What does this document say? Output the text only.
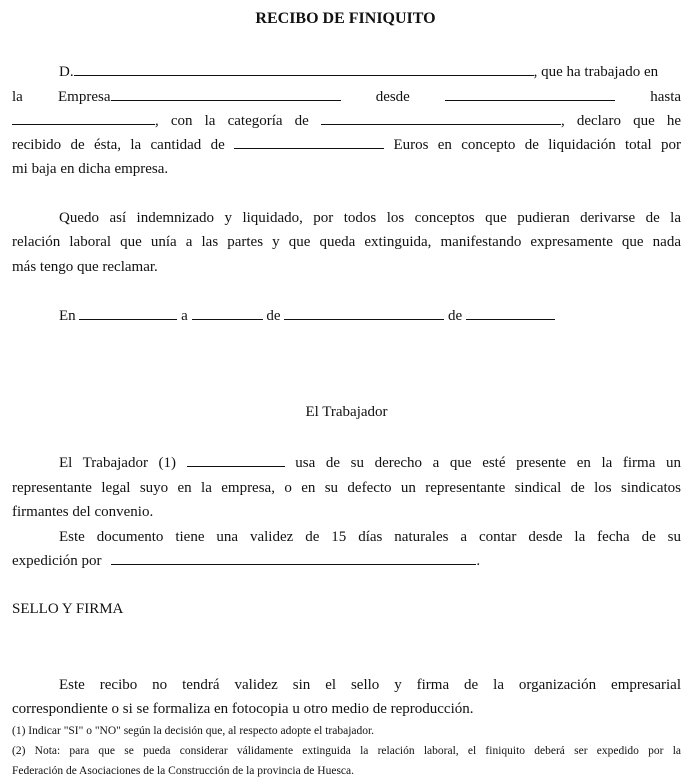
RECIBO DE FINIQUITO
D.	, que ha trabajado en
la Empresa	desde	hasta
, con la categoría de	, declaro que he
recibido de ésta, la cantidad de	Euros en concepto de liquidación total por
mi baja en dicha empresa.
Quedo así indemnizado y liquidado, por todos los conceptos que pudieran derivarse de la
relación laboral que unía a las partes y que queda extinguida, manifestando expresamente que nada
más tengo que reclamar.
En	a	de	de
El Trabajador
El Trabajador (1)	usa de su derecho a que esté presente en la firma un
representante legal suyo en la empresa, o en su defecto un representante sindical de los sindicatos
firmantes del convenio.
Este documento tiene una validez de 15 días naturales a contar desde la fecha de su
expedición por	.
SELLO Y FIRMA
Este recibo no tendrá validez sin el sello y firma de la organización empresarial
correspondiente o si se formaliza en fotocopia u otro medio de reproducción.
(1) Indicar "SI" o "NO" según la decisión que, al respecto adopte el trabajador.
(2) Nota: para que se pueda considerar válidamente extinguida la relación laboral, el finiquito deberá ser expedido por la
Federación de Asociaciones de la Construcción de la provincia de Huesca.
